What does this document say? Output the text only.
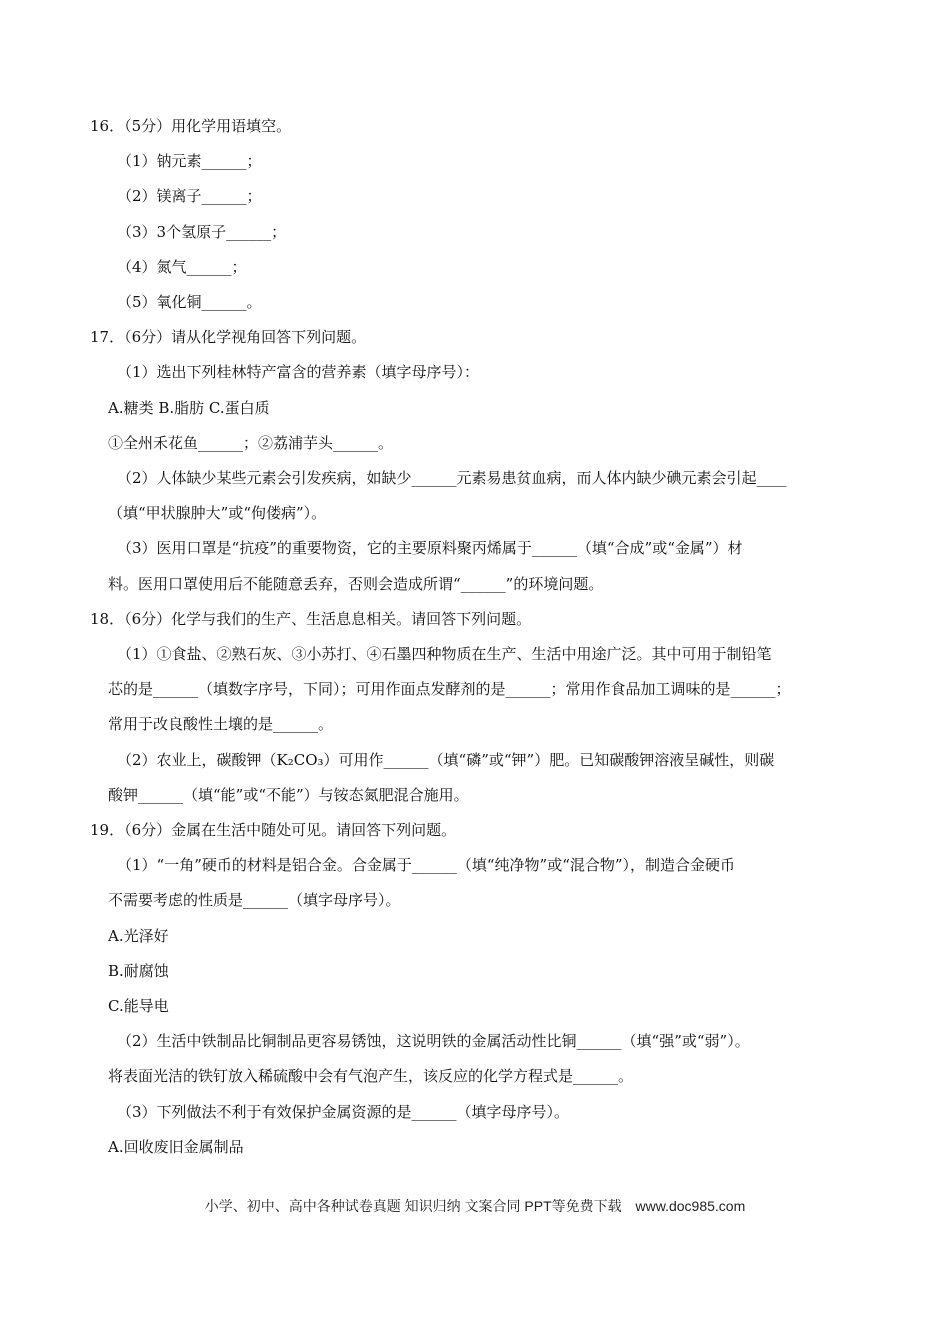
16．（5分）用化学用语填空。
（1）钠元素______；
（2）镁离子______；
（3）3个氢原子______；
（4）氮气______；
（5）氧化铜______。
17．（6分）请从化学视角回答下列问题。
（1）选出下列桂林特产富含的营养素（填字母序号）：
A.糖类 B.脂肪 C.蛋白质
①全州禾花鱼______；②荔浦芋头______。
（2）人体缺少某些元素会引发疾病，如缺少______元素易患贫血病，而人体内缺少碘元素会引起____
（填“甲状腺肿大”或“佝偻病”）。
（3）医用口罩是“抗疫”的重要物资，它的主要原料聚丙烯属于______（填“合成”或“金属”）材
料。医用口罩使用后不能随意丢弃，否则会造成所谓“______”的环境问题。
18．（6分）化学与我们的生产、生活息息相关。请回答下列问题。
（1）①食盐、②熟石灰、③小苏打、④石墨四种物质在生产、生活中用途广泛。其中可用于制铅笔
芯的是______（填数字序号，下同）；可用作面点发酵剂的是______；常用作食品加工调味的是______；
常用于改良酸性土壤的是______。
（2）农业上，碳酸钾（K₂CO₃）可用作______（填“磷”或“钾”）肥。已知碳酸钾溶液呈碱性，则碳
酸钾______（填“能”或“不能”）与铵态氮肥混合施用。
19．（6分）金属在生活中随处可见。请回答下列问题。
（1）“一角”硬币的材料是铝合金。合金属于______（填“纯净物”或“混合物”），制造合金硬币
不需要考虑的性质是______（填字母序号）。
A.光泽好
B.耐腐蚀
C.能导电
（2）生活中铁制品比铜制品更容易锈蚀，这说明铁的金属活动性比铜______（填“强”或“弱”）。
将表面光洁的铁钉放入稀硫酸中会有气泡产生，该反应的化学方程式是______。
（3）下列做法不利于有效保护金属资源的是______（填字母序号）。
A.回收废旧金属制品
小学、初中、高中各种试卷真题 知识归纳 文案合同 PPT等免费下载 www.doc985.com
